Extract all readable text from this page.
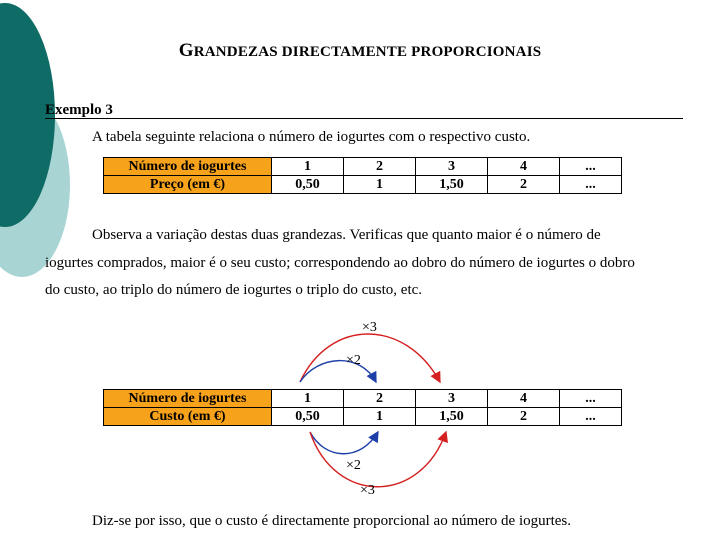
GRANDEZAS DIRECTAMENTE PROPORCIONAIS
Exemplo 3
A tabela seguinte relaciona o número de iogurtes com o respectivo custo.
Número de iogurtes	1	2	3	4	...
Preço (em €)	0,50	1	1,50	2	...
Observa a variação destas duas grandezas. Verificas que quanto maior é o número de
iogurtes comprados, maior é o seu custo; correspondendo ao dobro do número de iogurtes o dobro
do custo, ao triplo do número de iogurtes o triplo do custo, etc.
×3
×2
×2
×3
Número de iogurtes	1	2	3	4	...
Custo (em €)	0,50	1	1,50	2	...
Diz-se por isso, que o custo é directamente proporcional ao número de iogurtes.
